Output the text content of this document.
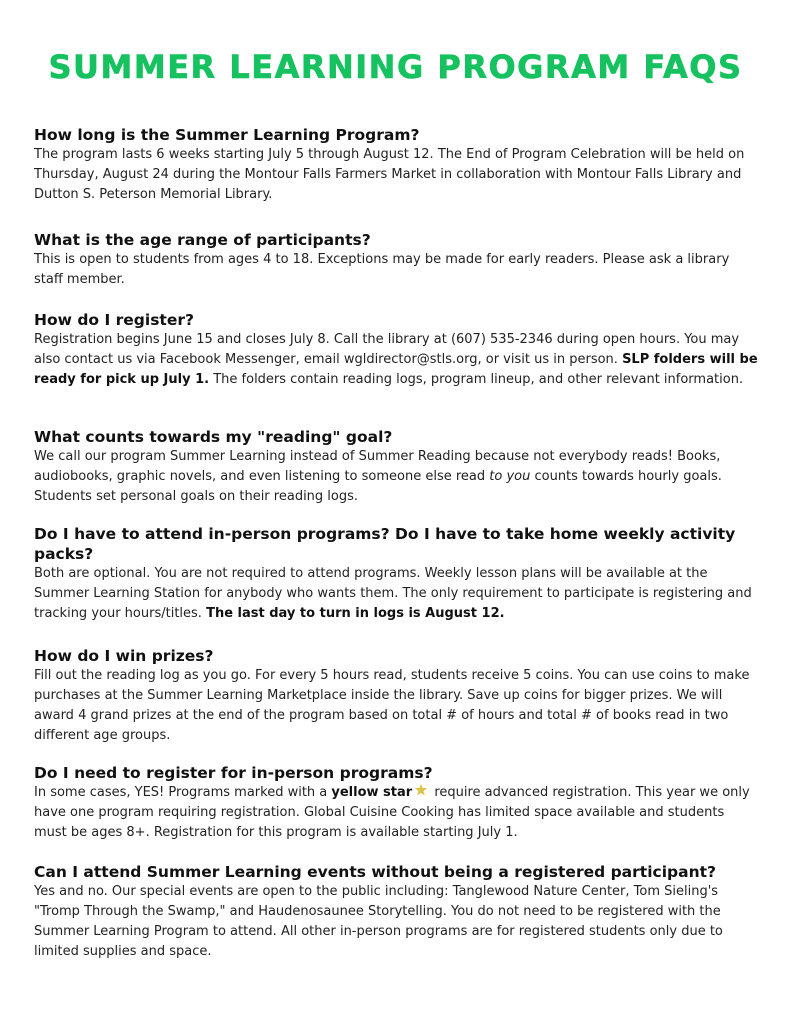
SUMMER LEARNING PROGRAM FAQS

How long is the Summer Learning Program?

The program lasts 6 weeks starting July 5 through August 12. The End of Program Celebration will be held on Thursday, August 24 during the Montour Falls Farmers Market in collaboration with Montour Falls Library and Dutton S. Peterson Memorial Library.

What is the age range of participants?

This is open to students from ages 4 to 18. Exceptions may be made for early readers. Please ask a library staff member.

How do I register?

Registration begins June 15 and closes July 8. Call the library at (607) 535-2346 during open hours. You may also contact us via Facebook Messenger, email wgldirector@stls.org, or visit us in person. SLP folders will be ready for pick up July 1. The folders contain reading logs, program lineup, and other relevant information.

What counts towards my "reading" goal?

We call our program Summer Learning instead of Summer Reading because not everybody reads! Books, audiobooks, graphic novels, and even listening to someone else read to you counts towards hourly goals. Students set personal goals on their reading logs.

Do I have to attend in-person programs? Do I have to take home weekly activity packs?

Both are optional. You are not required to attend programs. Weekly lesson plans will be available at the Summer Learning Station for anybody who wants them. The only requirement to participate is registering and tracking your hours/titles. The last day to turn in logs is August 12.

How do I win prizes?

Fill out the reading log as you go. For every 5 hours read, students receive 5 coins. You can use coins to make purchases at the Summer Learning Marketplace inside the library. Save up coins for bigger prizes. We will award 4 grand prizes at the end of the program based on total # of hours and total # of books read in two different age groups.

Do I need to register for in-person programs?

In some cases, YES! Programs marked with a yellow star require advanced registration. This year we only have one program requiring registration. Global Cuisine Cooking has limited space available and students must be ages 8+. Registration for this program is available starting July 1.

Can I attend Summer Learning events without being a registered participant?

Yes and no. Our special events are open to the public including: Tanglewood Nature Center, Tom Sieling's "Tromp Through the Swamp," and Haudenosaunee Storytelling. You do not need to be registered with the Summer Learning Program to attend. All other in-person programs are for registered students only due to limited supplies and space.
